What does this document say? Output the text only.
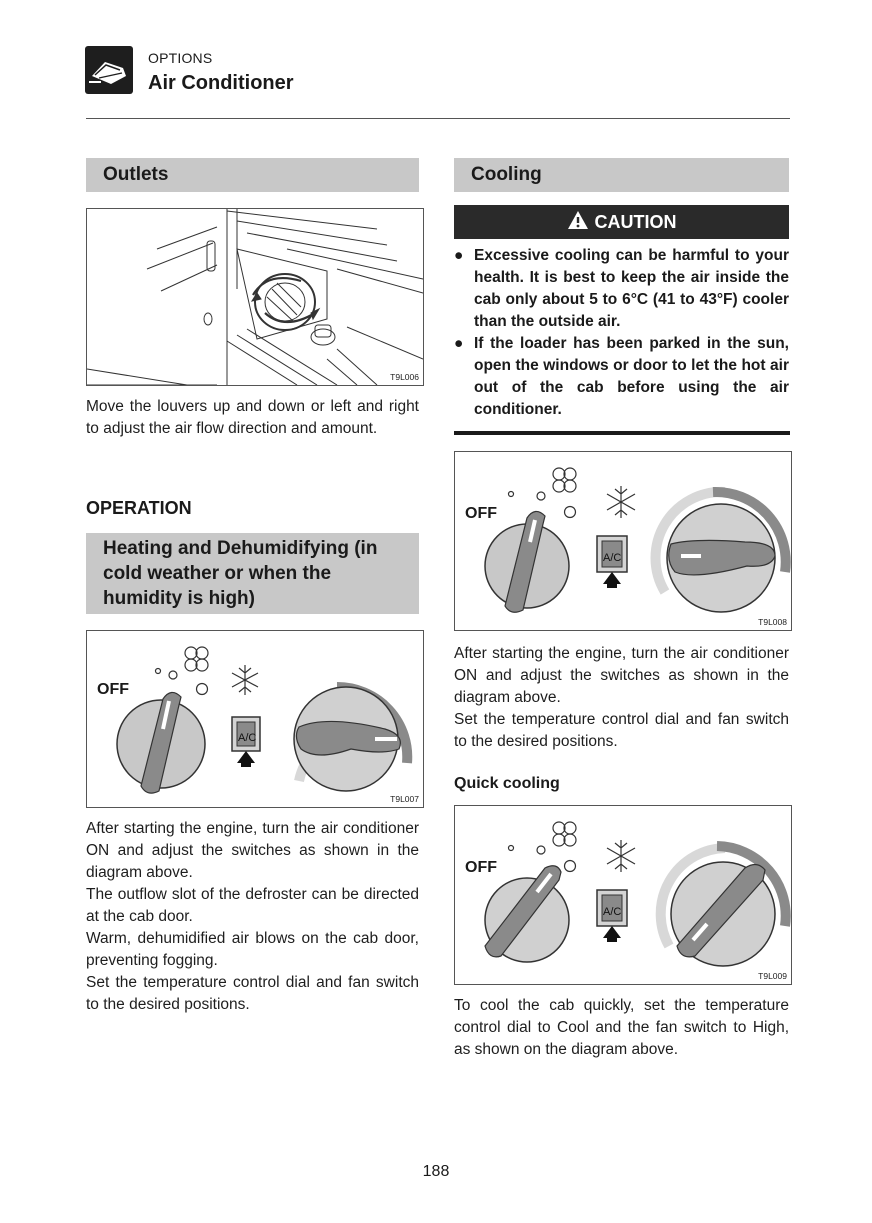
OPTIONS
Air Conditioner
Outlets
T9L006

Move the louvers up and down or left and right to adjust the air flow direction and amount.

OPERATION
Heating and Dehumidifying (in
cold weather or when the
humidity is high)
OFF
A/C
T9L007

After starting the engine, turn the air conditioner ON and adjust the switches as shown in the diagram above.

The outflow slot of the defroster can be directed at the cab door.

Warm, dehumidified air blows on the cab door, preventing fogging.

Set the temperature control dial and fan switch to the desired positions.

Cooling
CAUTION
● Excessive cooling can be harmful to your health. It is best to keep the air inside the cab only about 5 to 6°C (41 to 43°F) cooler than the outside air.
● If the loader has been parked in the sun, open the windows or door to let the hot air out of the cab before using the air conditioner.
OFF
A/C
T9L008

After starting the engine, turn the air conditioner ON and adjust the switches as shown in the diagram above.

Set the temperature control dial and fan switch to the desired positions.

Quick cooling
OFF
A/C
T9L009

To cool the cab quickly, set the temperature control dial to Cool and the fan switch to High, as shown on the diagram above.

188
